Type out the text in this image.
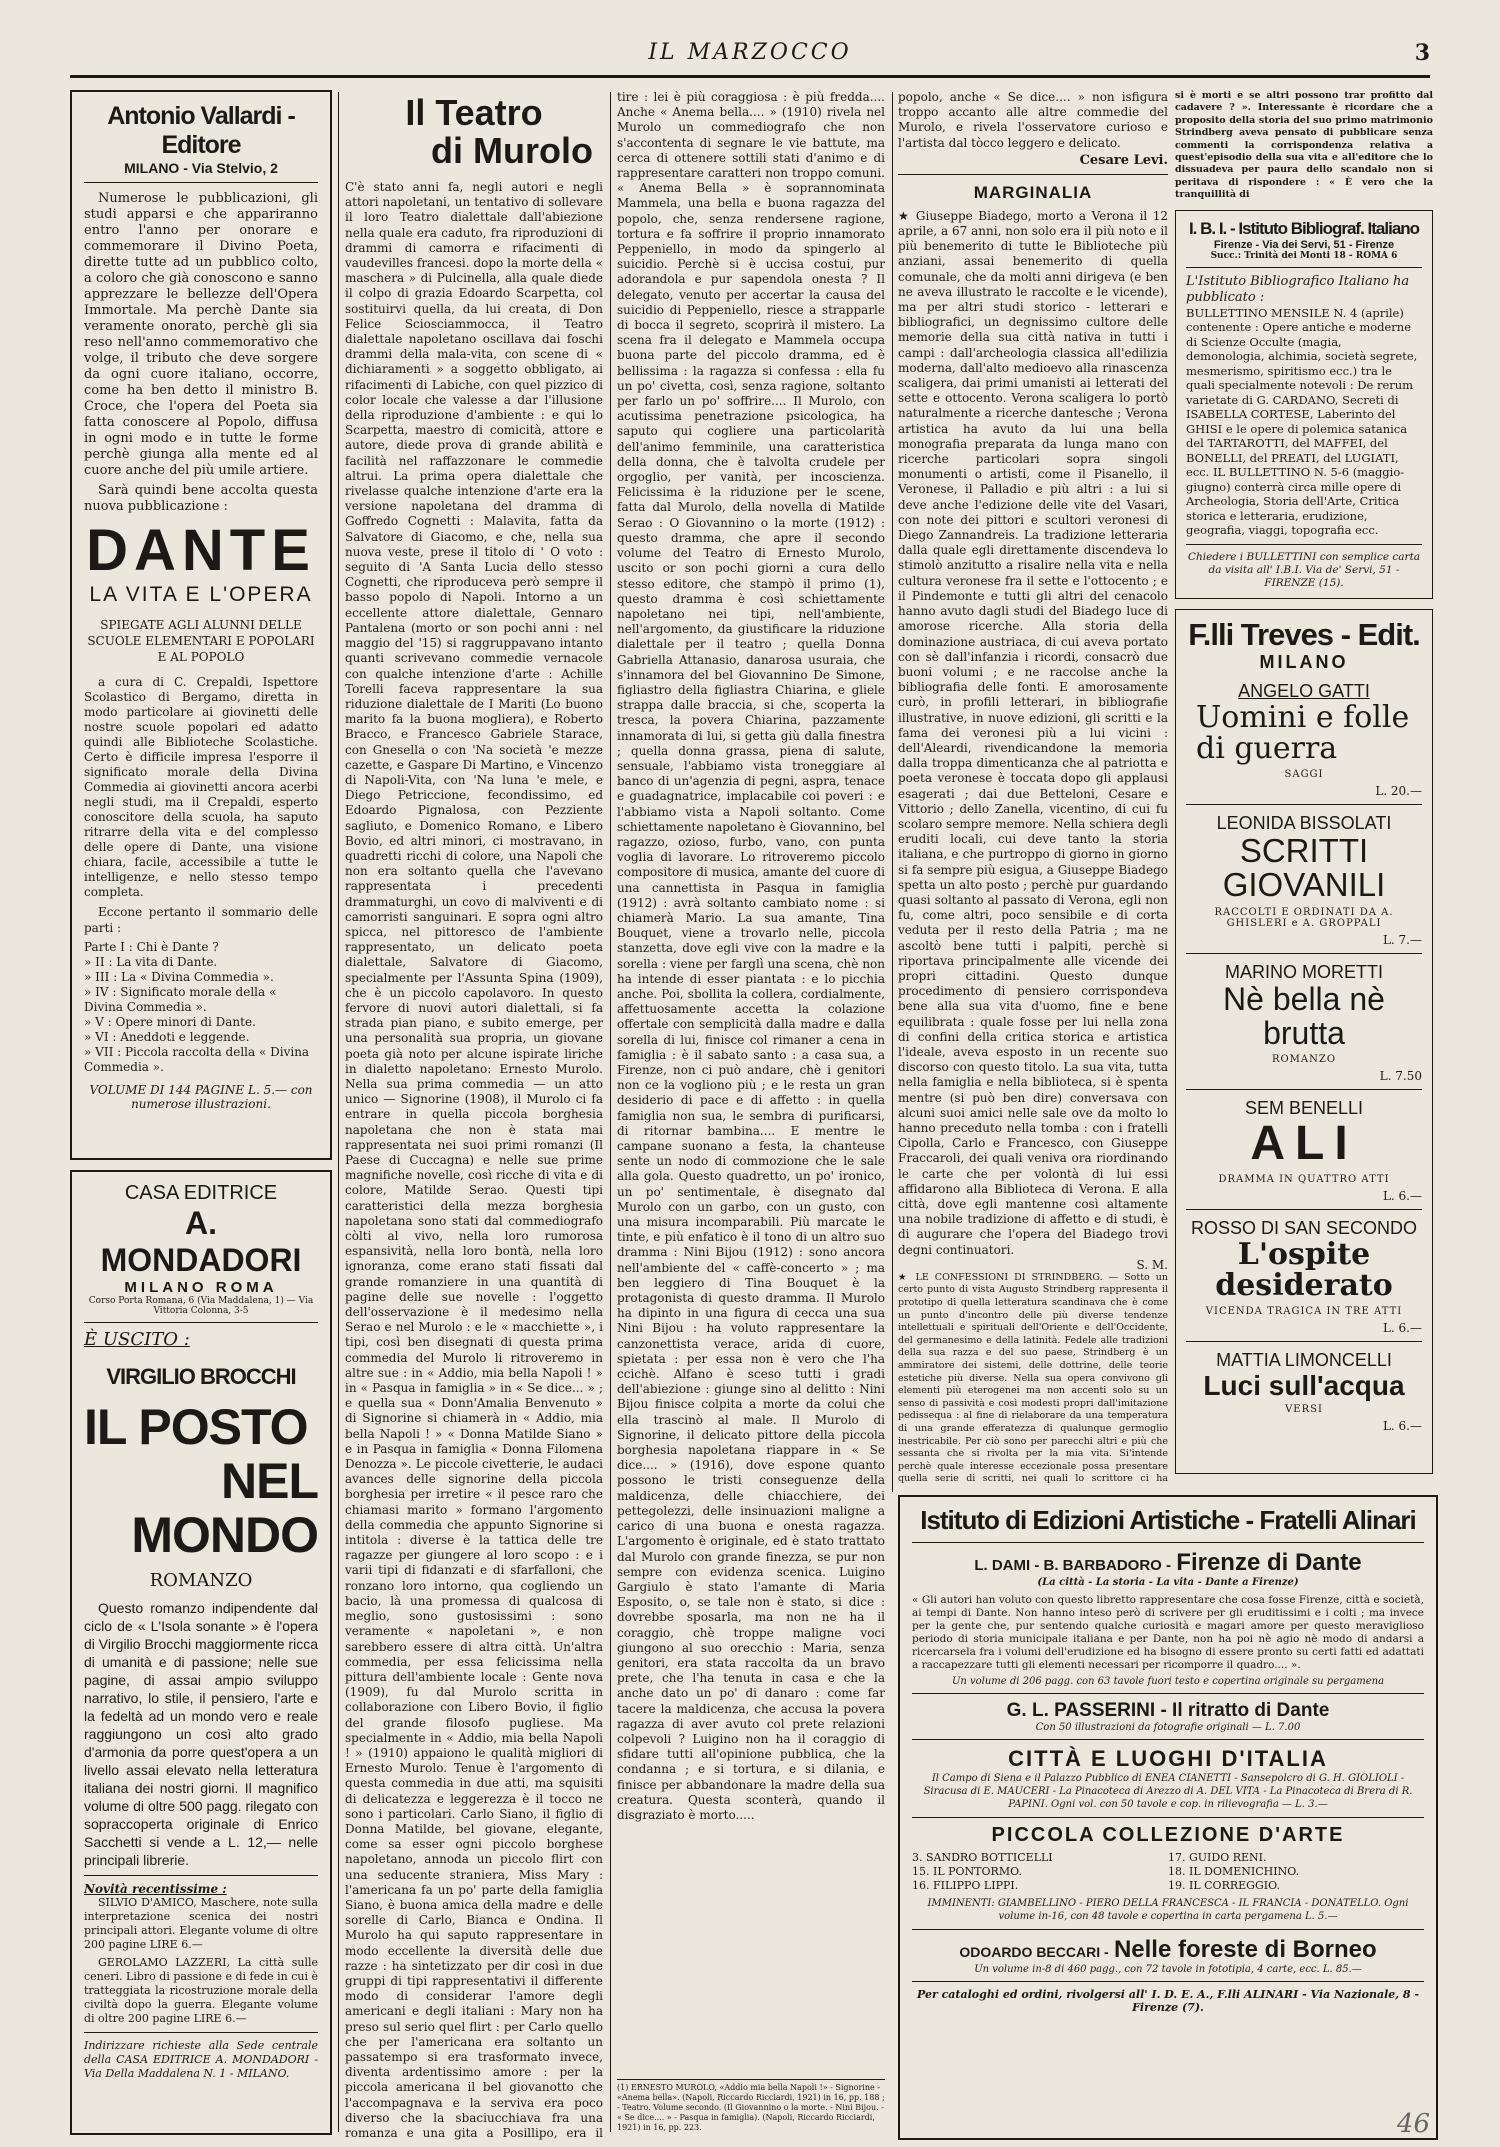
IL MARZOCCO	3
Antonio Vallardi - Editore
MILANO - Via Stelvio, 2

Numerose le pubblicazioni, gli studi apparsi e che appariranno entro l'anno per onorare e commemorare il Divino Poeta, dirette tutte ad un pubblico colto, a coloro che già conoscono e sanno apprezzare le bellezze dell'Opera Immortale. Ma perchè Dante sia veramente onorato, perchè gli sia reso nell'anno commemorativo che volge, il tributo che deve sorgere da ogni cuore italiano, occorre, come ha ben detto il ministro B. Croce, che l'opera del Poeta sia fatta conoscere al Popolo, diffusa in ogni modo e in tutte le forme perchè giunga alla mente ed al cuore anche del più umile artiere.

Sarà quindi bene accolta questa nuova pubblicazione :

DANTE
LA VITA E L'OPERA
SPIEGATE AGLI ALUNNI DELLE SCUOLE ELEMENTARI E POPOLARI E AL POPOLO

a cura di C. Crepaldi, Ispettore Scolastico di Bergamo, diretta in modo particolare ai giovinetti delle nostre scuole popolari ed adatto quindi alle Biblioteche Scolastiche. Certo è difficile impresa l'esporre il significato morale della Divina Commedia ai giovinetti ancora acerbi negli studi, ma il Crepaldi, esperto conoscitore della scuola, ha saputo ritrarre della vita e del complesso delle opere di Dante, una visione chiara, facile, accessibile a tutte le intelligenze, e nello stesso tempo completa.

Eccone pertanto il sommario delle parti :

Parte I : Chi è Dante ?
» II : La vita di Dante.
» III : La « Divina Commedia ».
» IV : Significato morale della « Divina Commedia ».
» V : Opere minori di Dante.
» VI : Aneddoti e leggende.
» VII : Piccola raccolta della « Divina Commedia ».
VOLUME DI 144 PAGINE L. 5.— con numerose illustrazioni.
CASA EDITRICE
A. MONDADORI
MILANO ROMA
Corso Porta Romana, 6 (Via Maddalena, 1) — Via Vittoria Colonna, 3-5
È USCITO :
VIRGILIO BROCCHI
IL POSTO
NEL MONDO
ROMANZO

Questo romanzo indipendente dal ciclo de « L'Isola sonante » è l'opera di Virgilio Brocchi maggiormente ricca di umanità e di passione; nelle sue pagine, di assai ampio sviluppo narrativo, lo stile, il pensiero, l'arte e la fedeltà ad un mondo vero e reale raggiungono un così alto grado d'armonia da porre quest'opera a un livello assai elevato nella letteratura italiana dei nostri giorni. Il magnifico volume di oltre 500 pagg. rilegato con sopraccoperta originale di Enrico Sacchetti si vende a L. 12,— nelle principali librerie.

Novità recentissime :

SILVIO D'AMICO, Maschere, note sulla interpretazione scenica dei nostri principali attori. Elegante volume di oltre 200 pagine LIRE 6.—

GEROLAMO LAZZERI, La città sulle ceneri. Libro di passione e di fede in cui è tratteggiata la ricostruzione morale della civiltà dopo la guerra. Elegante volume di oltre 200 pagine LIRE 6.—

Indirizzare richieste alla Sede centrale della CASA EDITRICE A. MONDADORI - Via Della Maddalena N. 1 - MILANO.
Il Teatro
di Murolo
C'è stato anni fa, negli autori e negli attori napoletani, un tentativo di sollevare il loro Teatro dialettale dall'abiezione nella quale era caduto, fra riproduzioni di drammi di camorra e rifacimenti di vaudevilles francesi. dopo la morte della « maschera » di Pulcinella, alla quale diede il colpo di grazia Edoardo Scarpetta, col sostituirvi quella, da lui creata, di Don Felice Sciosciammocca, il Teatro dialettale napoletano oscillava dai foschi drammi della mala-vita, con scene di « dichiaramenti » a soggetto obbligato, ai rifacimenti di Labiche, con quel pizzico di color locale che valesse a dar l'illusione della riproduzione d'ambiente : e qui lo Scarpetta, maestro di comicità, attore e autore, diede prova di grande abilità e facilità nel raffazzonare le commedie altrui. La prima opera dialettale che rivelasse qualche intenzione d'arte era la versione napoletana del dramma di Goffredo Cognetti : Malavita, fatta da Salvatore di Giacomo, e che, nella sua nuova veste, prese il titolo di ' O voto : seguito di 'A Santa Lucia dello stesso Cognetti, che riproduceva però sempre il basso popolo di Napoli. Intorno a un eccellente attore dialettale, Gennaro Pantalena (morto or son pochi anni : nel maggio del '15) si raggruppavano intanto quanti scrivevano commedie vernacole con qualche intenzione d'arte : Achille Torelli faceva rappresentare la sua riduzione dialettale de I Mariti (Lo buono marito fa la buona mogliera), e Roberto Bracco, e Francesco Gabriele Starace, con Gnesella o con 'Na società 'e mezze cazette, e Gaspare Di Martino, e Vincenzo di Napoli-Vita, con 'Na luna 'e mele, e Diego Petriccione, fecondissimo, ed Edoardo Pignalosa, con Pezziente sagliuto, e Domenico Romano, e Libero Bovio, ed altri minori, ci mostravano, in quadretti ricchi di colore, una Napoli che non era soltanto quella che l'avevano rappresentata i precedenti drammaturghi, un covo di malviventi e di camorristi sanguinari. E sopra ogni altro spicca, nel pittoresco de l'ambiente rappresentato, un delicato poeta dialettale, Salvatore di Giacomo, specialmente per l'Assunta Spina (1909), che è un piccolo capolavoro. In questo fervore di nuovi autori dialettali, si fa strada pian piano, e subito emerge, per una personalità sua propria, un giovane poeta già noto per alcune ispirate liriche in dialetto napoletano: Ernesto Murolo. Nella sua prima commedia — un atto unico — Signorine (1908), il Murolo ci fa entrare in quella piccola borghesia napoletana che non è stata mai rappresentata nei suoi primi romanzi (Il Paese di Cuccagna) e nelle sue prime magnifiche novelle, così ricche di vita e di colore, Matilde Serao. Questi tipi caratteristici della mezza borghesia napoletana sono stati dal commediografo còlti al vivo, nella loro rumorosa espansività, nella loro bontà, nella loro ignoranza, come erano stati fissati dal grande romanziere in una quantità di pagine delle sue novelle : l'oggetto dell'osservazione è il medesimo nella Serao e nel Murolo : e le « macchiette », i tipi, così ben disegnati di questa prima commedia del Murolo li ritroveremo in altre sue : in « Addio, mia bella Napoli ! » in « Pasqua in famiglia » in « Se dice... » ; e quella sua « Donn'Amalia Benvenuto » di Signorine si chiamerà in « Addio, mia bella Napoli ! » « Donna Matilde Siano » e in Pasqua in famiglia « Donna Filomena Denozza ». Le piccole civetterie, le audaci avances delle signorine della piccola borghesia per irretire « il pesce raro che chiamasi marito » formano l'argomento della commedia che appunto Signorine si intitola : diverse è la tattica delle tre ragazze per giungere al loro scopo : e i varii tipi di fidanzati e di sfarfalloni, che ronzano loro intorno, qua cogliendo un bacio, là una promessa di qualcosa di meglio, sono gustosissimi : sono veramente « napoletani », e non sarebbero essere di altra città. Un'altra commedia, per essa felicissima nella pittura dell'ambiente locale : Gente nova (1909), fu dal Murolo scritta in collaborazione con Libero Bovio, il figlio del grande filosofo pugliese. Ma specialmente in « Addio, mia bella Napoli ! » (1910) appaiono le qualità migliori di Ernesto Murolo. Tenue è l'argomento di questa commedia in due atti, ma squisiti di delicatezza e leggerezza è il tocco ne sono i particolari. Carlo Siano, il figlio di Donna Matilde, bel giovane, elegante, come sa esser ogni piccolo borghese napoletano, annoda un piccolo flirt con una seducente straniera, Miss Mary : l'americana fa un po' parte della famiglia Siano, è buona amica della madre e delle sorelle di Carlo, Bianca e Ondina. Il Murolo ha qui saputo rappresentare in modo eccellente la diversità delle due razze : ha sintetizzato per dir così in due gruppi di tipi rappresentativi il differente modo di considerar l'amore degli americani e degli italiani : Mary non ha preso sul serio quel flirt : per Carlo quello che per l'americana era soltanto un passatempo si era trasformato invece, diventa ardentissimo amore : per la piccola americana il bel giovanotto che l'accompagnava e la serviva era poco diverso che la sbaciucchiava fra una romanza e una gita a Posillipo, era il
tire : lei è più coraggiosa : è più fredda.... Anche « Anema bella.... » (1910) rivela nel Murolo un commediografo che non s'accontenta di segnare le vie battute, ma cerca di ottenere sottili stati d'animo e di rappresentare caratteri non troppo comuni. « Anema Bella » è soprannominata Mammela, una bella e buona ragazza del popolo, che, senza rendersene ragione, tortura e fa soffrire il proprio innamorato Peppeniello, in modo da spingerlo al suicidio. Perchè si è uccisa costui, pur adorandola e pur sapendola onesta ? Il delegato, venuto per accertar la causa del suicidio di Peppeniello, riesce a strapparle di bocca il segreto, scoprirà il mistero. La scena fra il delegato e Mammela occupa buona parte del piccolo dramma, ed è bellissima : la ragazza si confessa : ella fu un po' civetta, così, senza ragione, soltanto per farlo un po' soffrire.... Il Murolo, con acutissima penetrazione psicologica, ha saputo qui cogliere una particolarità dell'animo femminile, una caratteristica della donna, che è talvolta crudele per orgoglio, per vanità, per incoscienza. Felicissima è la riduzione per le scene, fatta dal Murolo, della novella di Matilde Serao : O Giovannino o la morte (1912) : questo dramma, che apre il secondo volume del Teatro di Ernesto Murolo, uscito or son pochi giorni a cura dello stesso editore, che stampò il primo (1), questo dramma è così schiettamente napoletano nei tipi, nell'ambiente, nell'argomento, da giustificare la riduzione dialettale per il teatro ; quella Donna Gabriella Attanasio, danarosa usuraia, che s'innamora del bel Giovannino De Simone, figliastro della figliastra Chiarina, e gliele strappa dalle braccia, si che, scoperta la tresca, la povera Chiarina, pazzamente innamorata di lui, si getta giù dalla finestra ; quella donna grassa, piena di salute, sensuale, l'abbiamo vista troneggiare al banco di un'agenzia di pegni, aspra, tenace e guadagnatrice, implacabile coi poveri : e l'abbiamo vista a Napoli soltanto. Come schiettamente napoletano è Giovannino, bel ragazzo, ozioso, furbo, vano, con punta voglia di lavorare. Lo ritroveremo piccolo compositore di musica, amante del cuore di una cannettista in Pasqua in famiglia (1912) : avrà soltanto cambiato nome : si chiamerà Mario. La sua amante, Tina Bouquet, viene a trovarlo nelle, piccola stanzetta, dove egli vive con la madre e la sorella : viene per farglì una scena, chè non ha intende di esser piantata : e lo picchia anche. Poi, sbollita la collera, cordialmente, affettuosamente accetta la colazione offertale con semplicità dalla madre e dalla sorella di lui, finisce col rimaner a cena in famiglia : è il sabato santo : a casa sua, a Firenze, non ci può andare, chè i genitori non ce la vogliono più ; e le resta un gran desiderio di pace e di affetto : in quella famiglia non sua, le sembra di purificarsi, di ritornar bambina.... E mentre le campane suonano a festa, la chanteuse sente un nodo di commozione che le sale alla gola. Questo quadretto, un po' ironico, un po' sentimentale, è disegnato dal Murolo con un garbo, con un gusto, con una misura incomparabili. Più marcate le tinte, e più enfatico è il tono di un altro suo dramma : Nini Bijou (1912) : sono ancora nell'ambiente del « caffè-concerto » ; ma ben leggiero di Tina Bouquet è la protagonista di questo dramma. Il Murolo ha dipinto in una figura di cecca una sua Nini Bijou : ha voluto rappresentare la canzonettista verace, arida di cuore, spietata : per essa non è vero che l'ha ccichè. Alfano è sceso tutti i gradi dell'abiezione : giunge sino al delitto : Nini Bijou finisce colpita a morte da colui che ella trascinò al male. Il Murolo di Signorine, il delicato pittore della piccola borghesia napoletana riappare in « Se dice.... » (1916), dove espone quanto possono le tristi conseguenze della maldicenza, delle chiacchiere, dei pettegolezzi, delle insinuazioni maligne a carico di una buona e onesta ragazza. L'argomento è originale, ed è stato trattato dal Murolo con grande finezza, se pur non sempre con evidenza scenica. Luigino Gargiulo è stato l'amante di Maria Esposito, o, se tale non è stato, si dice : dovrebbe sposarla, ma non ne ha il coraggio, chè troppe maligne voci giungono al suo orecchio : Maria, senza genitori, era stata raccolta da un bravo prete, che l'ha tenuta in casa e che la anche dato un po' di danaro : come far tacere la maldicenza, che accusa la povera ragazza di aver avuto col prete relazioni colpevoli ? Luigino non ha il coraggio di sfidare tutti all'opinione pubblica, che la condanna ; e si tortura, e si dilania, e finisce per abbandonare la madre della sua creatura. Questa sconterà, quando il disgraziato è morto.....
(1) ERNESTO MUROLO, «Addio mia bella Napoli !» - Signorine - «Anema bella». (Napoli, Riccardo Ricciardi, 1921) in 16, pp. 188 ; - Teatro. Volume secondo. (Il Giovannino o la morte. - Nini Bijou. - « Se dice.... » - Pasqua in famiglia). (Napoli, Riccardo Ricciardi, 1921) in 16, pp. 223.
popolo, anche « Se dice.... » non isfigura troppo accanto alle altre commedie del Murolo, e rivela l'osservatore curioso e l'artista dal tòcco leggero e delicato.
Cesare Levi.
MARGINALIA
★ Giuseppe Biadego, morto a Verona il 12 aprile, a 67 anni, non solo era il più noto e il più benemerito di tutte le Biblioteche più anziani, assai benemerito di quella comunale, che da molti anni dirigeva (e ben ne aveva illustrato le raccolte e le vicende), ma per altri studi storico - letterari e bibliografici, un degnissimo cultore delle memorie della sua città nativa in tutti i campi : dall'archeologia classica all'edilizia moderna, dall'alto medioevo alla rinascenza scaligera, dai primi umanisti ai letterati del sette e ottocento. Verona scaligera lo portò naturalmente a ricerche dantesche ; Verona artistica ha avuto da lui una bella monografia preparata da lunga mano con ricerche particolari sopra singoli monumenti o artisti, come il Pisanello, il Veronese, il Palladio e più altri : a lui si deve anche l'edizione delle vite del Vasari, con note dei pittori e scultori veronesi di Diego Zannandreis. La tradizione letteraria dalla quale egli direttamente discendeva lo stimolò anzitutto a risalire nella vita e nella cultura veronese fra il sette e l'ottocento ; e il Pindemonte e tutti gli altri del cenacolo hanno avuto dagli studi del Biadego luce di amorose ricerche. Alla storia della dominazione austriaca, di cui aveva portato con sè dall'infanzia i ricordi, consacrò due buoni volumi ; e ne raccolse anche la bibliografia delle fonti. E amorosamente curò, in profili letterari, in bibliografie illustrative, in nuove edizioni, gli scritti e la fama dei veronesi più a lui vicini : dell'Aleardi, rivendicandone la memoria dalla troppa dimenticanza che al patriotta e poeta veronese è toccata dopo gli applausi esagerati ; dai due Betteloni, Cesare e Vittorio ; dello Zanella, vicentino, di cui fu scolaro sempre memore. Nella schiera degli eruditi locali, cui deve tanto la storia italiana, e che purtroppo di giorno in giorno si fa sempre più esigua, a Giuseppe Biadego spetta un alto posto ; perchè pur guardando quasi soltanto al passato di Verona, egli non fu, come altri, poco sensibile e di corta veduta per il resto della Patria ; ma ne ascoltò bene tutti i palpiti, perchè si riportava principalmente alle vicende dei propri cittadini. Questo dunque procedimento di pensiero corrispondeva bene alla sua vita d'uomo, fine e bene equilibrata : quale fosse per lui nella zona di confini della critica storica e artistica l'ideale, aveva esposto in un recente suo discorso con questo titolo. La sua vita, tutta nella famiglia e nella biblioteca, si è spenta mentre (si può ben dire) conversava con alcuni suoi amici nelle sale ove da molto lo hanno preceduto nella tomba : con i fratelli Cipolla, Carlo e Francesco, con Giuseppe Fraccaroli, dei quali veniva ora riordinando le carte che per volontà di lui essi affidarono alla Biblioteca di Verona. E alla città, dove egli mantenne così altamente una nobile tradizione di affetto e di studi, è di augurare che l'opera del Biadego trovi degni continuatori.
S. M.
★ LE CONFESSIONI DI STRINDBERG. — Sotto un certo punto di vista Augusto Strindberg rappresenta il prototipo di quella letteratura scandinava che è come un punto d'incontro delle più diverse tendenze intellettuali e spirituali dell'Oriente e dell'Occidente, del germanesimo e della latinità. Fedele alle tradizioni della sua razza e del suo paese, Strindberg è un ammiratore dei sistemi, delle dottrine, delle teorie estetiche più diverse. Nella sua opera convivono gli elementi più eterogenei ma non accenti solo su un senso di passività e così modesti propri dall'imitazione pedissequa : al fine di rielaborare da una temperatura di una grande efferatezza di qualunque germoglio inestricabile. Per ciò sono per parecchi altri e più che sessanta che si rivolta per la mia vita. Si'intende perchè quale interesse eccezionale possa presentare quella serie di scritti, nei quali lo scrittore ci ha
si è morti e se altri possono trar profitto dal cadavere ? ». Interessante è ricordare che a proposito della storia del suo primo matrimonio Strindberg aveva pensato di pubblicare senza commenti la corrispondenza relativa a quest'episodio della sua vita e all'editore che lo dissuadeva per paura dello scandalo non si peritava di rispondere : « È vero che la tranquillità di
I. B. I. - Istituto Bibliograf. Italiano
Firenze - Via dei Servi, 51 - Firenze
Succ.: Trinità dei Monti 18 - ROMA 6
L'Istituto Bibliografico Italiano ha pubblicato :
BULLETTINO MENSILE N. 4 (aprile) contenente : Opere antiche e moderne di Scienze Occulte (magia, demonologia, alchimia, società segrete, mesmerismo, spiritismo ecc.) tra le quali specialmente notevoli : De rerum varietate di G. CARDANO, Secreti di ISABELLA CORTESE, Laberinto del GHISI e le opere di polemica satanica del TARTAROTTI, del MAFFEI, del BONELLI, del PREATI, del LUGIATI, ecc. IL BULLETTINO N. 5-6 (maggio-giugno) conterrà circa mille opere di Archeologia, Storia dell'Arte, Critica storica e letteraria, erudizione, geografia, viaggi, topografia ecc.
Chiedere i BULLETTINI con semplice carta da visita all' I.B.I. Via de' Servi, 51 - FIRENZE (15).
F.lli Treves - Edit.
MILANO
ANGELO GATTI
Uomini e folle di guerra
SAGGI
L. 20.—
LEONIDA BISSOLATI
SCRITTI GIOVANILI
RACCOLTI E ORDINATI DA A. GHISLERI e A. GROPPALI
L. 7.—
MARINO MORETTI
Nè bella nè brutta
ROMANZO
L. 7.50
SEM BENELLI
ALI
DRAMMA IN QUATTRO ATTI
L. 6.—
ROSSO DI SAN SECONDO
L'ospite desiderato
VICENDA TRAGICA IN TRE ATTI
L. 6.—
MATTIA LIMONCELLI
Luci sull'acqua
VERSI
L. 6.—
Istituto di Edizioni Artistiche - Fratelli Alinari
L. DAMI - B. BARBADORO - Firenze di Dante
(La città - La storia - La vita - Dante a Firenze)
« Gli autori han voluto con questo libretto rappresentare che cosa fosse Firenze, città e società, ai tempi di Dante. Non hanno inteso però di scrivere per gli eruditissimi e i colti ; ma invece per la gente che, pur sentendo qualche curiosità e magari amore per questo meraviglioso periodo di storia municipale italiana e per Dante, non ha poi nè agio nè modo di andarsi a ricercarsela fra i volumi dell'erudizione ed ha bisogno di essere pronto su certi fatti ed adattati a raccapezzare tutti gli elementi necessari per ricomporre il quadro.... ».
Un volume di 206 pagg. con 63 tavole fuori testo e copertina originale su pergamena
G. L. PASSERINI - Il ritratto di Dante
Con 50 illustrazioni da fotografie originali — L. 7.00
CITTÀ E LUOGHI D'ITALIA
Il Campo di Siena e il Palazzo Pubblico di ENEA CIANETTI - Sansepolcro di G. H. GIOLIOLI - Siracusa di E. MAUCERI - La Pinacoteca di Arezzo di A. DEL VITA - La Pinacoteca di Brera di R. PAPINI. Ogni vol. con 50 tavole e cop. in rilievografia — L. 3.—
PICCOLA COLLEZIONE D'ARTE
3. SANDRO BOTTICELLI	17. GUIDO RENI.
15. IL PONTORMO.	18. IL DOMENICHINO.
16. FILIPPO LIPPI.	19. IL CORREGGIO.
IMMINENTI: GIAMBELLINO - PIERO DELLA FRANCESCA - IL FRANCIA - DONATELLO. Ogni volume in-16, con 48 tavole e copertina in carta pergamena L. 5.—
ODOARDO BECCARI - Nelle foreste di Borneo
Un volume in-8 di 460 pagg., con 72 tavole in fototipia, 4 carte, ecc. L. 85.—
Per cataloghi ed ordini, rivolgersi all' I. D. E. A., F.lli ALINARI - Via Nazionale, 8 - Firenze (7).
46
